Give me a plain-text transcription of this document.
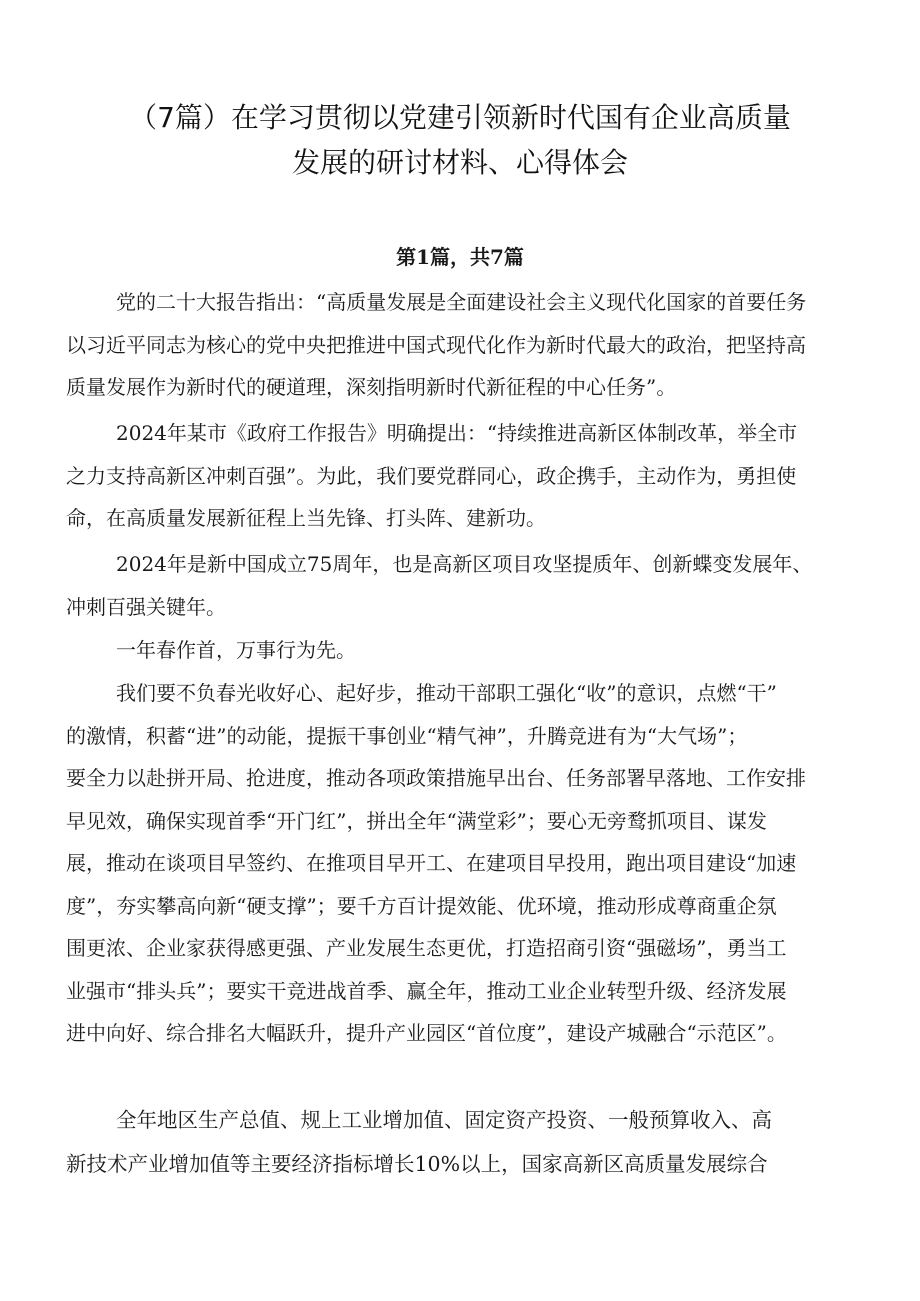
（7篇）在学习贯彻以党建引领新时代国有企业高质量
发展的研讨材料、心得体会
第1篇，共7篇

党的二十大报告指出：“高质量发展是全面建设社会主义现代化国家的首要任务
以习近平同志为核心的党中央把推进中国式现代化作为新时代最大的政治，把坚持高
质量发展作为新时代的硬道理，深刻指明新时代新征程的中心任务”。

2024年某市《政府工作报告》明确提出：“持续推进高新区体制改革，举全市
之力支持高新区冲刺百强”。为此，我们要党群同心，政企携手，主动作为，勇担使
命，在高质量发展新征程上当先锋、打头阵、建新功。

2024年是新中国成立75周年，也是高新区项目攻坚提质年、创新蝶变发展年、
冲刺百强关键年。

一年春作首，万事行为先。

我们要不负春光收好心、起好步，推动干部职工强化“收”的意识，点燃“干”
的激情，积蓄“进”的动能，提振干事创业“精气神”，升腾竞进有为“大气场”；
要全力以赴拼开局、抢进度，推动各项政策措施早出台、任务部署早落地、工作安排
早见效，确保实现首季“开门红”，拼出全年“满堂彩”；要心无旁鹜抓项目、谋发
展，推动在谈项目早签约、在推项目早开工、在建项目早投用，跑出项目建设“加速
度”，夯实攀高向新“硬支撑”；要千方百计提效能、优环境，推动形成尊商重企氛
围更浓、企业家获得感更强、产业发展生态更优，打造招商引资“强磁场”，勇当工
业强市“排头兵”；要实干竞进战首季、赢全年，推动工业企业转型升级、经济发展
进中向好、综合排名大幅跃升，提升产业园区“首位度”，建设产城融合“示范区”。

全年地区生产总值、规上工业增加值、固定资产投资、一般预算收入、高
新技术产业增加值等主要经济指标增长10%以上，国家高新区高质量发展综合
